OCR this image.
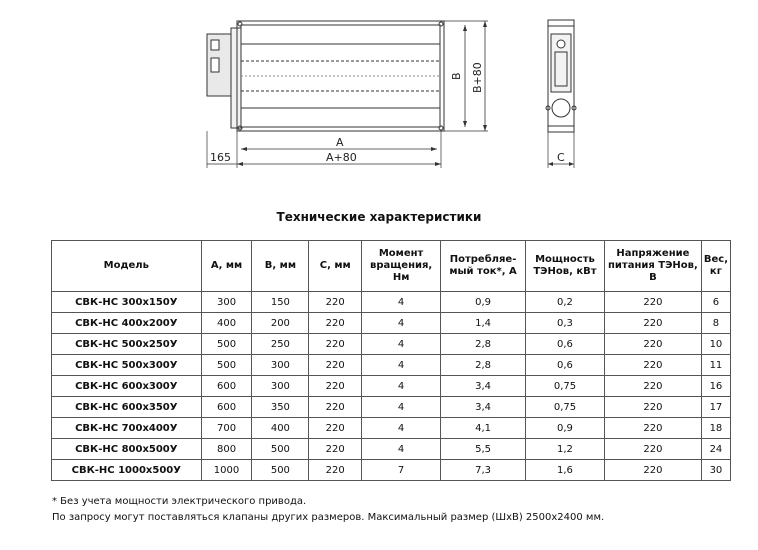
A
A+80
165
B B+80
C
Технические характеристики
Модель	А, мм	В, мм	С, мм	Момент вращения, Нм	Потребляе-мый ток*, А	Мощность ТЭНов, кВт	Напряжение питания ТЭНов, В	Вес, кг
СВК-НС 300х150У	300	150	220	4	0,9	0,2	220	6
СВК-НС 400х200У	400	200	220	4	1,4	0,3	220	8
СВК-НС 500х250У	500	250	220	4	2,8	0,6	220	10
СВК-НС 500х300У	500	300	220	4	2,8	0,6	220	11
СВК-НС 600х300У	600	300	220	4	3,4	0,75	220	16
СВК-НС 600х350У	600	350	220	4	3,4	0,75	220	17
СВК-НС 700х400У	700	400	220	4	4,1	0,9	220	18
СВК-НС 800х500У	800	500	220	4	5,5	1,2	220	24
СВК-НС 1000х500У	1000	500	220	7	7,3	1,6	220	30
* Без учета мощности электрического привода.
По запросу могут поставляться клапаны других размеров. Максимальный размер (ШхВ) 2500х2400 мм.
